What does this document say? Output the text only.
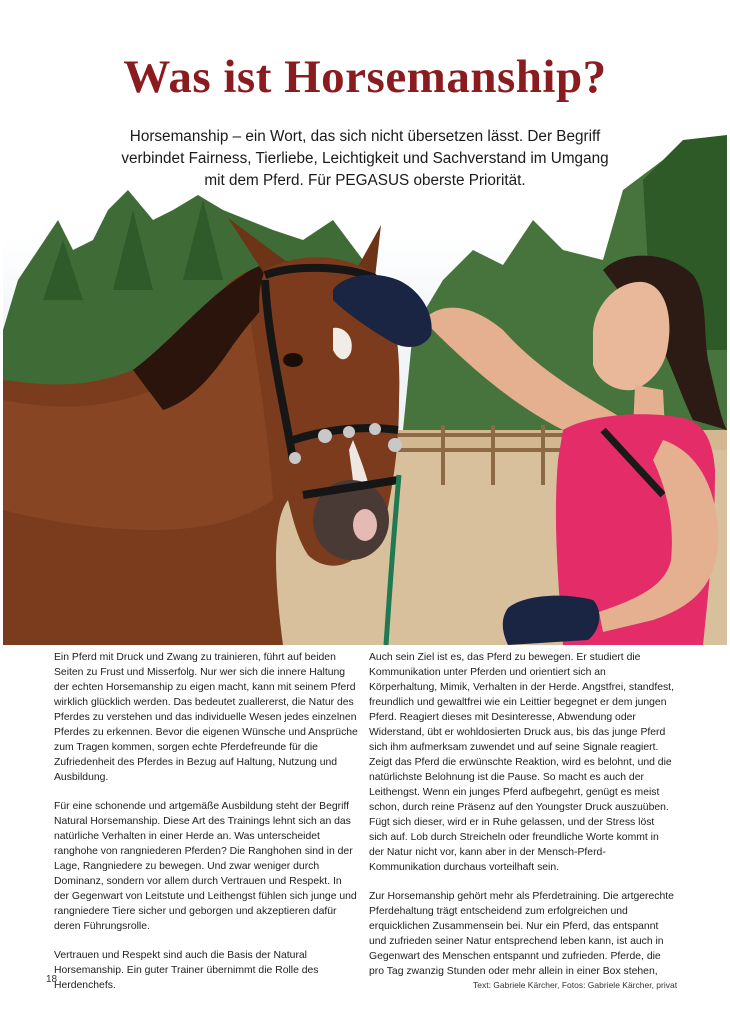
Was ist Horsemanship?

Horsemanship – ein Wort, das sich nicht übersetzen lässt. Der Begriff verbindet Fairness, Tierliebe, Leichtigkeit und Sachverstand im Umgang mit dem Pferd. Für PEGASUS oberste Priorität.

Ein Pferd mit Druck und Zwang zu trainieren, führt auf beiden Seiten zu Frust und Misserfolg. Nur wer sich die innere Haltung der echten Horsemanship zu eigen macht, kann mit seinem Pferd wirklich glücklich werden. Das bedeutet zuallererst, die Natur des Pferdes zu verstehen und das individuelle Wesen jedes einzelnen Pferdes zu erkennen. Bevor die eigenen Wünsche und Ansprüche zum Tragen kommen, sorgen echte Pferdefreunde für die Zufriedenheit des Pferdes in Bezug auf Haltung, Nutzung und Ausbildung.

Für eine schonende und artgemäße Ausbildung steht der Begriff Natural Horsemanship. Diese Art des Trainings lehnt sich an das natürliche Verhalten in einer Herde an. Was unterscheidet ranghohe von rangniederen Pferden? Die Ranghohen sind in der Lage, Rangniedere zu bewegen. Und zwar weniger durch Dominanz, sondern vor allem durch Vertrauen und Respekt. In der Gegenwart von Leitstute und Leithengst fühlen sich junge und rangniedere Tiere sicher und geborgen und akzeptieren dafür deren Führungsrolle.

Vertrauen und Respekt sind auch die Basis der Natural Horsemanship. Ein guter Trainer übernimmt die Rolle des Herdenchefs.

Auch sein Ziel ist es, das Pferd zu bewegen. Er studiert die Kommunikation unter Pferden und orientiert sich an Körperhaltung, Mimik, Verhalten in der Herde. Angstfrei, standfest, freundlich und gewaltfrei wie ein Leittier begegnet er dem jungen Pferd. Reagiert dieses mit Desinteresse, Abwendung oder Widerstand, übt er wohldosierten Druck aus, bis das junge Pferd sich ihm aufmerksam zuwendet und auf seine Signale reagiert. Zeigt das Pferd die erwünschte Reaktion, wird es belohnt, und die natürlichste Belohnung ist die Pause. So macht es auch der Leithengst. Wenn ein junges Pferd aufbegehrt, genügt es meist schon, durch reine Präsenz auf den Youngster Druck auszuüben. Fügt sich dieser, wird er in Ruhe gelassen, und der Stress löst sich auf. Lob durch Streicheln oder freundliche Worte kommt in der Natur nicht vor, kann aber in der Mensch-Pferd-Kommunikation durchaus vorteilhaft sein.

Zur Horsemanship gehört mehr als Pferdetraining. Die artgerechte Pferdehaltung trägt entscheidend zum erfolgreichen und erquicklichen Zusammensein bei. Nur ein Pferd, das entspannt und zufrieden seiner Natur entsprechend leben kann, ist auch in Gegenwart des Menschen entspannt und zufrieden. Pferde, die pro Tag zwanzig Stunden oder mehr allein in einer Box stehen,

18	Text: Gabriele Kärcher, Fotos: Gabriele Kärcher, privat
